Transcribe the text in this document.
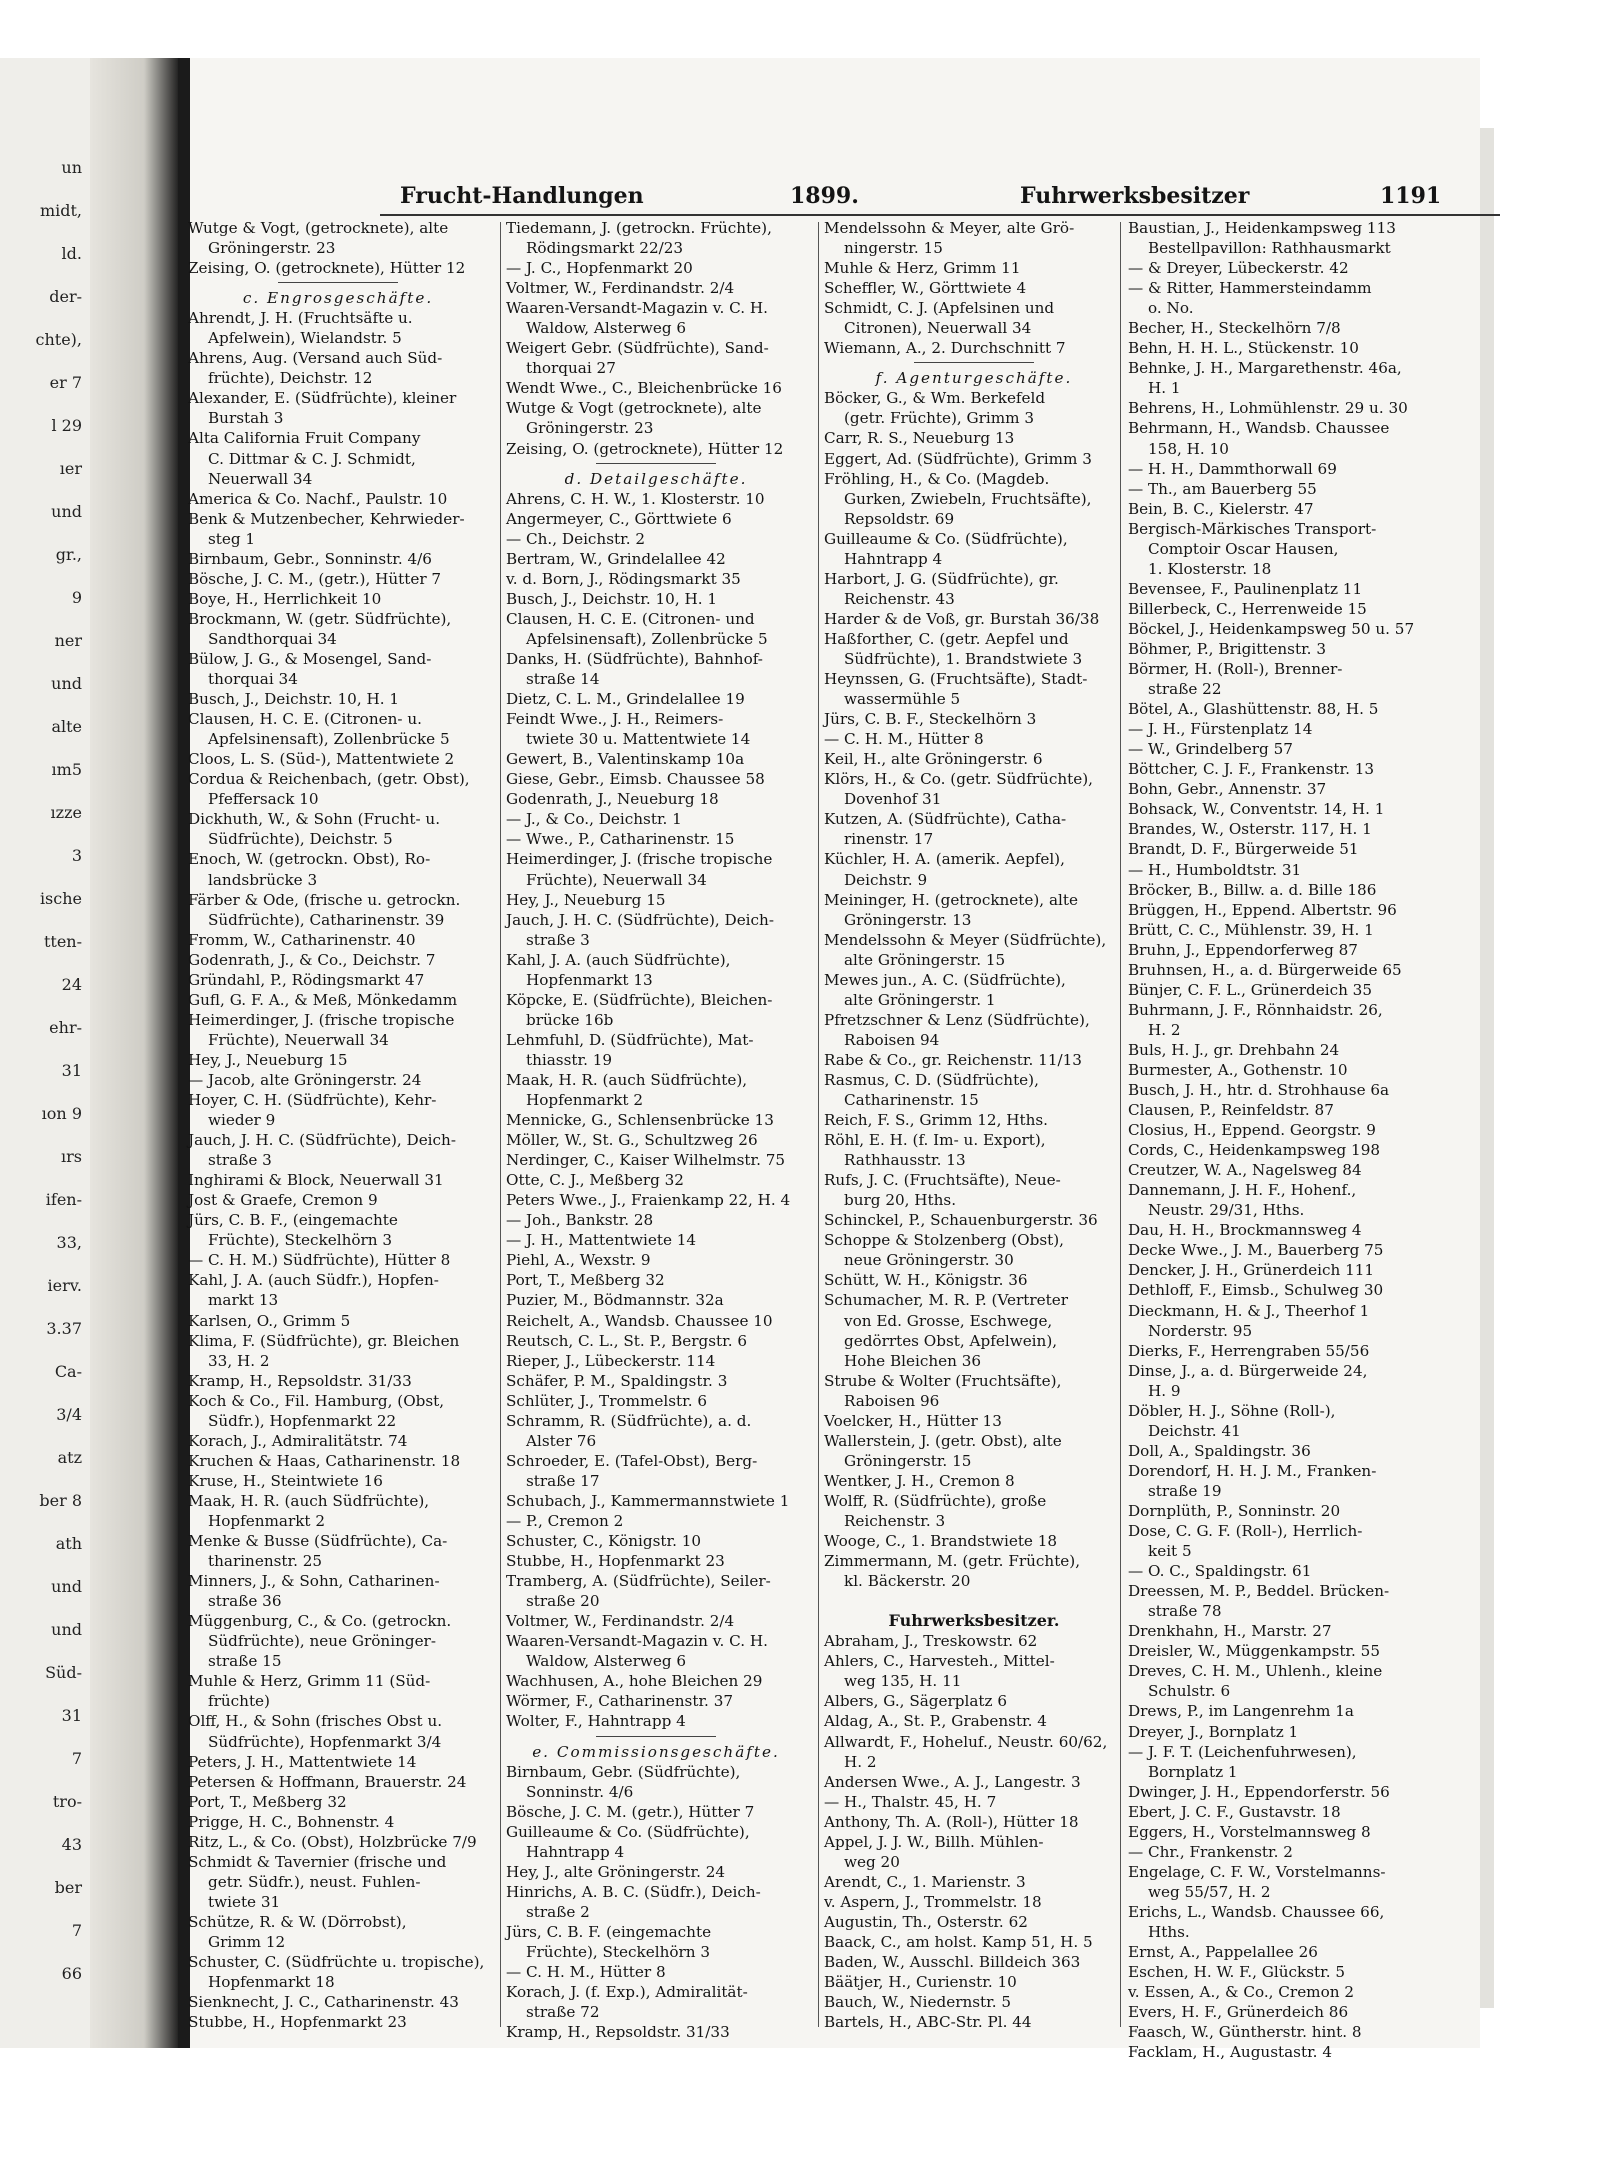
un
midt,
ld.
der-
chte),
er 7
l 29
ıer
und
gr.,
9
ner
und
alte
ım5
ızze
3
ische
tten-
24
ehr-
31
ıon 9
ırs
ifen-
33,
ierv.
3.37
Ca-
3/4
atz
ber 8
ath
und
und
Süd-
31
7
tro-
43
ber
7
66
Frucht-Handlungen	1899.	Fuhrwerksbesitzer	1191
Wutge & Vogt, (getrocknete), alte
Gröningerstr. 23
Zeising, O. (getrocknete), Hütter 12
c. Engrosgeschäfte.
Ahrendt, J. H. (Fruchtsäfte u.
Apfelwein), Wielandstr. 5
Ahrens, Aug. (Versand auch Süd-
früchte), Deichstr. 12
Alexander, E. (Südfrüchte), kleiner
Burstah 3
Alta California Fruit Company
C. Dittmar & C. J. Schmidt,
Neuerwall 34
America & Co. Nachf., Paulstr. 10
Benk & Mutzenbecher, Kehrwieder-
steg 1
Birnbaum, Gebr., Sonninstr. 4/6
Bösche, J. C. M., (getr.), Hütter 7
Boye, H., Herrlichkeit 10
Brockmann, W. (getr. Südfrüchte),
Sandthorquai 34
Bülow, J. G., & Mosengel, Sand-
thorquai 34
Busch, J., Deichstr. 10, H. 1
Clausen, H. C. E. (Citronen- u.
Apfelsinensaft), Zollenbrücke 5
Cloos, L. S. (Süd-), Mattentwiete 2
Cordua & Reichenbach, (getr. Obst),
Pfeffersack 10
Dickhuth, W., & Sohn (Frucht- u.
Südfrüchte), Deichstr. 5
Enoch, W. (getrockn. Obst), Ro-
landsbrücke 3
Färber & Ode, (frische u. getrockn.
Südfrüchte), Catharinenstr. 39
Fromm, W., Catharinenstr. 40
Godenrath, J., & Co., Deichstr. 7
Gründahl, P., Rödingsmarkt 47
Gufl, G. F. A., & Meß, Mönkedamm
Heimerdinger, J. (frische tropische
Früchte), Neuerwall 34
Hey, J., Neueburg 15
— Jacob, alte Gröningerstr. 24
Hoyer, C. H. (Südfrüchte), Kehr-
wieder 9
Jauch, J. H. C. (Südfrüchte), Deich-
straße 3
Inghirami & Block, Neuerwall 31
Jost & Graefe, Cremon 9
Jürs, C. B. F., (eingemachte
Früchte), Steckelhörn 3
— C. H. M.) Südfrüchte), Hütter 8
Kahl, J. A. (auch Südfr.), Hopfen-
markt 13
Karlsen, O., Grimm 5
Klima, F. (Südfrüchte), gr. Bleichen
33, H. 2
Kramp, H., Repsoldstr. 31/33
Koch & Co., Fil. Hamburg, (Obst,
Südfr.), Hopfenmarkt 22
Korach, J., Admiralitätstr. 74
Kruchen & Haas, Catharinenstr. 18
Kruse, H., Steintwiete 16
Maak, H. R. (auch Südfrüchte),
Hopfenmarkt 2
Menke & Busse (Südfrüchte), Ca-
tharinenstr. 25
Minners, J., & Sohn, Catharinen-
straße 36
Müggenburg, C., & Co. (getrockn.
Südfrüchte), neue Gröninger-
straße 15
Muhle & Herz, Grimm 11 (Süd-
früchte)
Olff, H., & Sohn (frisches Obst u.
Südfrüchte), Hopfenmarkt 3/4
Peters, J. H., Mattentwiete 14
Petersen & Hoffmann, Brauerstr. 24
Port, T., Meßberg 32
Prigge, H. C., Bohnenstr. 4
Ritz, L., & Co. (Obst), Holzbrücke 7/9
Schmidt & Tavernier (frische und
getr. Südfr.), neust. Fuhlen-
twiete 31
Schütze, R. & W. (Dörrobst),
Grimm 12
Schuster, C. (Südfrüchte u. tropische),
Hopfenmarkt 18
Sienknecht, J. C., Catharinenstr. 43
Stubbe, H., Hopfenmarkt 23
Tiedemann, J. (getrockn. Früchte),
Rödingsmarkt 22/23
— J. C., Hopfenmarkt 20
Voltmer, W., Ferdinandstr. 2/4
Waaren-Versandt-Magazin v. C. H.
Waldow, Alsterweg 6
Weigert Gebr. (Südfrüchte), Sand-
thorquai 27
Wendt Wwe., C., Bleichenbrücke 16
Wutge & Vogt (getrocknete), alte
Gröningerstr. 23
Zeising, O. (getrocknete), Hütter 12
d. Detailgeschäfte.
Ahrens, C. H. W., 1. Klosterstr. 10
Angermeyer, C., Görttwiete 6
— Ch., Deichstr. 2
Bertram, W., Grindelallee 42
v. d. Born, J., Rödingsmarkt 35
Busch, J., Deichstr. 10, H. 1
Clausen, H. C. E. (Citronen- und
Apfelsinensaft), Zollenbrücke 5
Danks, H. (Südfrüchte), Bahnhof-
straße 14
Dietz, C. L. M., Grindelallee 19
Feindt Wwe., J. H., Reimers-
twiete 30 u. Mattentwiete 14
Gewert, B., Valentinskamp 10a
Giese, Gebr., Eimsb. Chaussee 58
Godenrath, J., Neueburg 18
— J., & Co., Deichstr. 1
— Wwe., P., Catharinenstr. 15
Heimerdinger, J. (frische tropische
Früchte), Neuerwall 34
Hey, J., Neueburg 15
Jauch, J. H. C. (Südfrüchte), Deich-
straße 3
Kahl, J. A. (auch Südfrüchte),
Hopfenmarkt 13
Köpcke, E. (Südfrüchte), Bleichen-
brücke 16b
Lehmfuhl, D. (Südfrüchte), Mat-
thiasstr. 19
Maak, H. R. (auch Südfrüchte),
Hopfenmarkt 2
Mennicke, G., Schlensenbrücke 13
Möller, W., St. G., Schultzweg 26
Nerdinger, C., Kaiser Wilhelmstr. 75
Otte, C. J., Meßberg 32
Peters Wwe., J., Fraienkamp 22, H. 4
— Joh., Bankstr. 28
— J. H., Mattentwiete 14
Piehl, A., Wexstr. 9
Port, T., Meßberg 32
Puzier, M., Bödmannstr. 32a
Reichelt, A., Wandsb. Chaussee 10
Reutsch, C. L., St. P., Bergstr. 6
Rieper, J., Lübeckerstr. 114
Schäfer, P. M., Spaldingstr. 3
Schlüter, J., Trommelstr. 6
Schramm, R. (Südfrüchte), a. d.
Alster 76
Schroeder, E. (Tafel-Obst), Berg-
straße 17
Schubach, J., Kammermannstwiete 1
— P., Cremon 2
Schuster, C., Königstr. 10
Stubbe, H., Hopfenmarkt 23
Tramberg, A. (Südfrüchte), Seiler-
straße 20
Voltmer, W., Ferdinandstr. 2/4
Waaren-Versandt-Magazin v. C. H.
Waldow, Alsterweg 6
Wachhusen, A., hohe Bleichen 29
Wörmer, F., Catharinenstr. 37
Wolter, F., Hahntrapp 4
e. Commissionsgeschäfte.
Birnbaum, Gebr. (Südfrüchte),
Sonninstr. 4/6
Bösche, J. C. M. (getr.), Hütter 7
Guilleaume & Co. (Südfrüchte),
Hahntrapp 4
Hey, J., alte Gröningerstr. 24
Hinrichs, A. B. C. (Südfr.), Deich-
straße 2
Jürs, C. B. F. (eingemachte
Früchte), Steckelhörn 3
— C. H. M., Hütter 8
Korach, J. (f. Exp.), Admiralität-
straße 72
Kramp, H., Repsoldstr. 31/33
Mendelssohn & Meyer, alte Grö-
ningerstr. 15
Muhle & Herz, Grimm 11
Scheffler, W., Görttwiete 4
Schmidt, C. J. (Apfelsinen und
Citronen), Neuerwall 34
Wiemann, A., 2. Durchschnitt 7
f. Agenturgeschäfte.
Böcker, G., & Wm. Berkefeld
(getr. Früchte), Grimm 3
Carr, R. S., Neueburg 13
Eggert, Ad. (Südfrüchte), Grimm 3
Fröhling, H., & Co. (Magdeb.
Gurken, Zwiebeln, Fruchtsäfte),
Repsoldstr. 69
Guilleaume & Co. (Südfrüchte),
Hahntrapp 4
Harbort, J. G. (Südfrüchte), gr.
Reichenstr. 43
Harder & de Voß, gr. Burstah 36/38
Haßforther, C. (getr. Aepfel und
Südfrüchte), 1. Brandstwiete 3
Heynssen, G. (Fruchtsäfte), Stadt-
wassermühle 5
Jürs, C. B. F., Steckelhörn 3
— C. H. M., Hütter 8
Keil, H., alte Gröningerstr. 6
Klörs, H., & Co. (getr. Südfrüchte),
Dovenhof 31
Kutzen, A. (Südfrüchte), Catha-
rinenstr. 17
Küchler, H. A. (amerik. Aepfel),
Deichstr. 9
Meininger, H. (getrocknete), alte
Gröningerstr. 13
Mendelssohn & Meyer (Südfrüchte),
alte Gröningerstr. 15
Mewes jun., A. C. (Südfrüchte),
alte Gröningerstr. 1
Pfretzschner & Lenz (Südfrüchte),
Raboisen 94
Rabe & Co., gr. Reichenstr. 11/13
Rasmus, C. D. (Südfrüchte),
Catharinenstr. 15
Reich, F. S., Grimm 12, Hths.
Röhl, E. H. (f. Im- u. Export),
Rathhausstr. 13
Rufs, J. C. (Fruchtsäfte), Neue-
burg 20, Hths.
Schinckel, P., Schauenburgerstr. 36
Schoppe & Stolzenberg (Obst),
neue Gröningerstr. 30
Schütt, W. H., Königstr. 36
Schumacher, M. R. P. (Vertreter
von Ed. Grosse, Eschwege,
gedörrtes Obst, Apfelwein),
Hohe Bleichen 36
Strube & Wolter (Fruchtsäfte),
Raboisen 96
Voelcker, H., Hütter 13
Wallerstein, J. (getr. Obst), alte
Gröningerstr. 15
Wentker, J. H., Cremon 8
Wolff, R. (Südfrüchte), große
Reichenstr. 3
Wooge, C., 1. Brandstwiete 18
Zimmermann, M. (getr. Früchte),
kl. Bäckerstr. 20
Fuhrwerksbesitzer.
Abraham, J., Treskowstr. 62
Ahlers, C., Harvesteh., Mittel-
weg 135, H. 11
Albers, G., Sägerplatz 6
Aldag, A., St. P., Grabenstr. 4
Allwardt, F., Hoheluf., Neustr. 60/62,
H. 2
Andersen Wwe., A. J., Langestr. 3
— H., Thalstr. 45, H. 7
Anthony, Th. A. (Roll-), Hütter 18
Appel, J. J. W., Billh. Mühlen-
weg 20
Arendt, C., 1. Marienstr. 3
v. Aspern, J., Trommelstr. 18
Augustin, Th., Osterstr. 62
Baack, C., am holst. Kamp 51, H. 5
Baden, W., Ausschl. Billdeich 363
Bäätjer, H., Curienstr. 10
Bauch, W., Niedernstr. 5
Bartels, H., ABC-Str. Pl. 44
Baustian, J., Heidenkampsweg 113
Bestellpavillon: Rathhausmarkt
— & Dreyer, Lübeckerstr. 42
— & Ritter, Hammersteindamm
o. No.
Becher, H., Steckelhörn 7/8
Behn, H. H. L., Stückenstr. 10
Behnke, J. H., Margarethenstr. 46a,
H. 1
Behrens, H., Lohmühlenstr. 29 u. 30
Behrmann, H., Wandsb. Chaussee
158, H. 10
— H. H., Dammthorwall 69
— Th., am Bauerberg 55
Bein, B. C., Kielerstr. 47
Bergisch-Märkisches Transport-
Comptoir Oscar Hausen,
1. Klosterstr. 18
Bevensee, F., Paulinenplatz 11
Billerbeck, C., Herrenweide 15
Böckel, J., Heidenkampsweg 50 u. 57
Böhmer, P., Brigittenstr. 3
Börmer, H. (Roll-), Brenner-
straße 22
Bötel, A., Glashüttenstr. 88, H. 5
— J. H., Fürstenplatz 14
— W., Grindelberg 57
Böttcher, C. J. F., Frankenstr. 13
Bohn, Gebr., Annenstr. 37
Bohsack, W., Conventstr. 14, H. 1
Brandes, W., Osterstr. 117, H. 1
Brandt, D. F., Bürgerweide 51
— H., Humboldtstr. 31
Bröcker, B., Billw. a. d. Bille 186
Brüggen, H., Eppend. Albertstr. 96
Brütt, C. C., Mühlenstr. 39, H. 1
Bruhn, J., Eppendorferweg 87
Bruhnsen, H., a. d. Bürgerweide 65
Bünjer, C. F. L., Grünerdeich 35
Buhrmann, J. F., Rönnhaidstr. 26,
H. 2
Buls, H. J., gr. Drehbahn 24
Burmester, A., Gothenstr. 10
Busch, J. H., htr. d. Strohhause 6a
Clausen, P., Reinfeldstr. 87
Closius, H., Eppend. Georgstr. 9
Cords, C., Heidenkampsweg 198
Creutzer, W. A., Nagelsweg 84
Dannemann, J. H. F., Hohenf.,
Neustr. 29/31, Hths.
Dau, H. H., Brockmannsweg 4
Decke Wwe., J. M., Bauerberg 75
Dencker, J. H., Grünerdeich 111
Dethloff, F., Eimsb., Schulweg 30
Dieckmann, H. & J., Theerhof 1
Norderstr. 95
Dierks, F., Herrengraben 55/56
Dinse, J., a. d. Bürgerweide 24,
H. 9
Döbler, H. J., Söhne (Roll-),
Deichstr. 41
Doll, A., Spaldingstr. 36
Dorendorf, H. H. J. M., Franken-
straße 19
Dornplüth, P., Sonninstr. 20
Dose, C. G. F. (Roll-), Herrlich-
keit 5
— O. C., Spaldingstr. 61
Dreessen, M. P., Beddel. Brücken-
straße 78
Drenkhahn, H., Marstr. 27
Dreisler, W., Müggenkampstr. 55
Dreves, C. H. M., Uhlenh., kleine
Schulstr. 6
Drews, P., im Langenrehm 1a
Dreyer, J., Bornplatz 1
— J. F. T. (Leichenfuhrwesen),
Bornplatz 1
Dwinger, J. H., Eppendorferstr. 56
Ebert, J. C. F., Gustavstr. 18
Eggers, H., Vorstelmannsweg 8
— Chr., Frankenstr. 2
Engelage, C. F. W., Vorstelmanns-
weg 55/57, H. 2
Erichs, L., Wandsb. Chaussee 66,
Hths.
Ernst, A., Pappelallee 26
Eschen, H. W. F., Glückstr. 5
v. Essen, A., & Co., Cremon 2
Evers, H. F., Grünerdeich 86
Faasch, W., Güntherstr. hint. 8
Facklam, H., Augustastr. 4
